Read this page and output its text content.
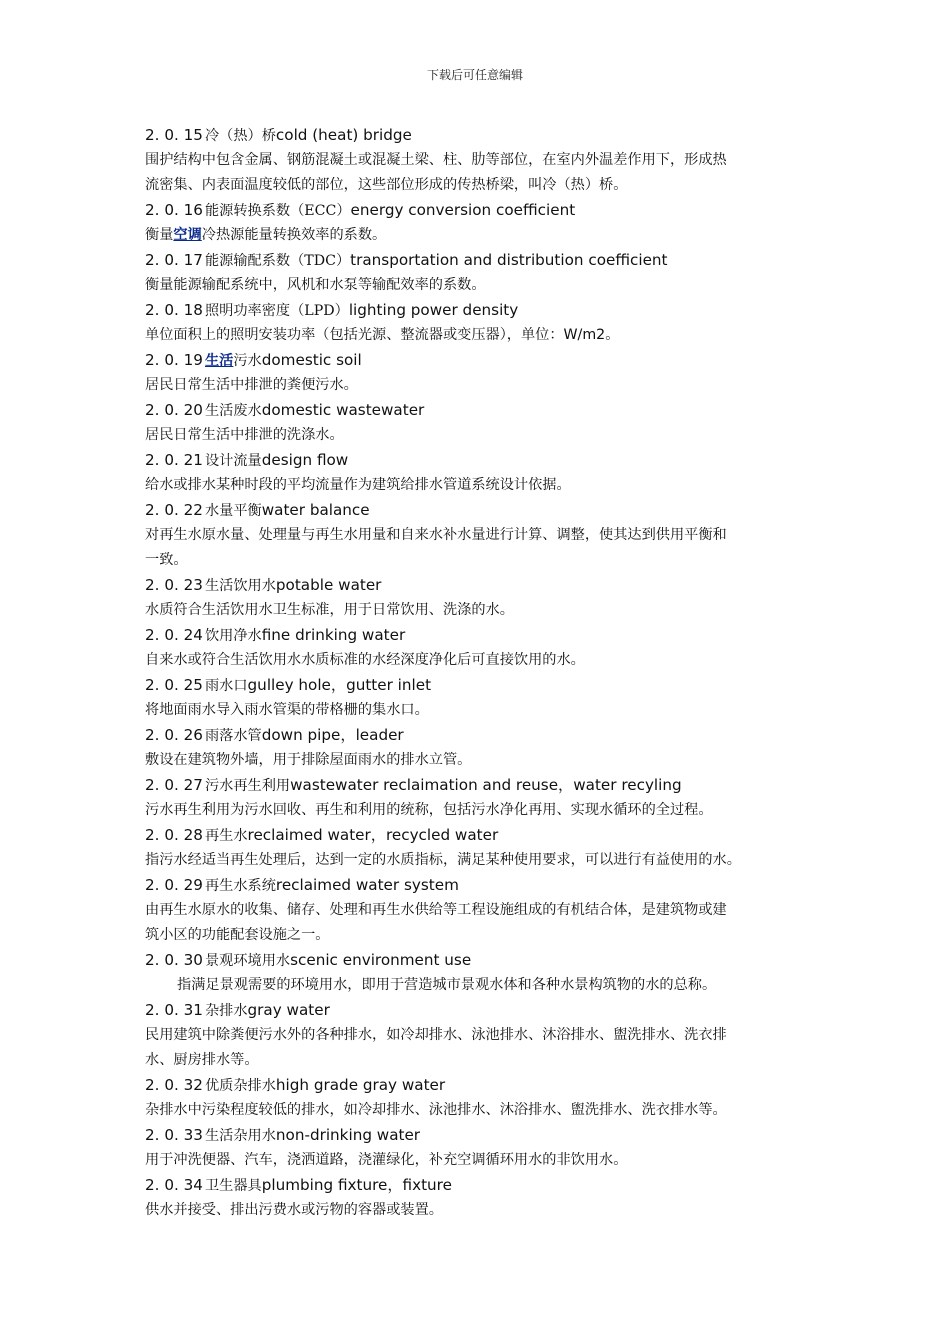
下载后可任意编辑
2. 0. 15 冷（热）桥cold (heat) bridge
围护结构中包含金属、钢筋混凝土或混凝土梁、柱、肋等部位，在室内外温差作用下，形成热
流密集、内表面温度较低的部位，这些部位形成的传热桥梁，叫冷（热）桥。
2. 0. 16 能源转换系数（ECC）energy conversion coefficient
衡量空调冷热源能量转换效率的系数。
2. 0. 17 能源输配系数（TDC）transportation and distribution coefficient
衡量能源输配系统中，风机和水泵等输配效率的系数。
2. 0. 18 照明功率密度（LPD）lighting power density
单位面积上的照明安装功率（包括光源、整流器或变压器），单位：W/m2。
2. 0. 19 生活污水domestic soil
居民日常生活中排泄的粪便污水。
2. 0. 20 生活废水domestic wastewater
居民日常生活中排泄的洗涤水。
2. 0. 21 设计流量design flow
给水或排水某种时段的平均流量作为建筑给排水管道系统设计依据。
2. 0. 22 水量平衡water balance
对再生水原水量、处理量与再生水用量和自来水补水量进行计算、调整，使其达到供用平衡和
一致。
2. 0. 23 生活饮用水potable water
水质符合生活饮用水卫生标准，用于日常饮用、洗涤的水。
2. 0. 24 饮用净水fine drinking water
自来水或符合生活饮用水水质标准的水经深度净化后可直接饮用的水。
2. 0. 25 雨水口gulley hole，gutter inlet
将地面雨水导入雨水管渠的带格栅的集水口。
2. 0. 26 雨落水管down pipe，leader
敷设在建筑物外墙，用于排除屋面雨水的排水立管。
2. 0. 27 污水再生利用wastewater reclaimation and reuse，water recyling
污水再生利用为污水回收、再生和利用的统称，包括污水净化再用、实现水循环的全过程。
2. 0. 28 再生水reclaimed water，recycled water
指污水经适当再生处理后，达到一定的水质指标，满足某种使用要求，可以进行有益使用的水。
2. 0. 29 再生水系统reclaimed water system
由再生水原水的收集、储存、处理和再生水供给等工程设施组成的有机结合体，是建筑物或建
筑小区的功能配套设施之一。
2. 0. 30 景观环境用水scenic environment use
指满足景观需要的环境用水，即用于营造城市景观水体和各种水景构筑物的水的总称。
2. 0. 31 杂排水gray water
民用建筑中除粪便污水外的各种排水，如冷却排水、泳池排水、沐浴排水、盥洗排水、洗衣排
水、厨房排水等。
2. 0. 32 优质杂排水high grade gray water
杂排水中污染程度较低的排水，如冷却排水、泳池排水、沐浴排水、盥洗排水、洗衣排水等。
2. 0. 33 生活杂用水non-drinking water
用于冲洗便器、汽车，浇洒道路，浇灌绿化，补充空调循环用水的非饮用水。
2. 0. 34 卫生器具plumbing fixture，fixture
供水并接受、排出污费水或污物的容器或装置。
